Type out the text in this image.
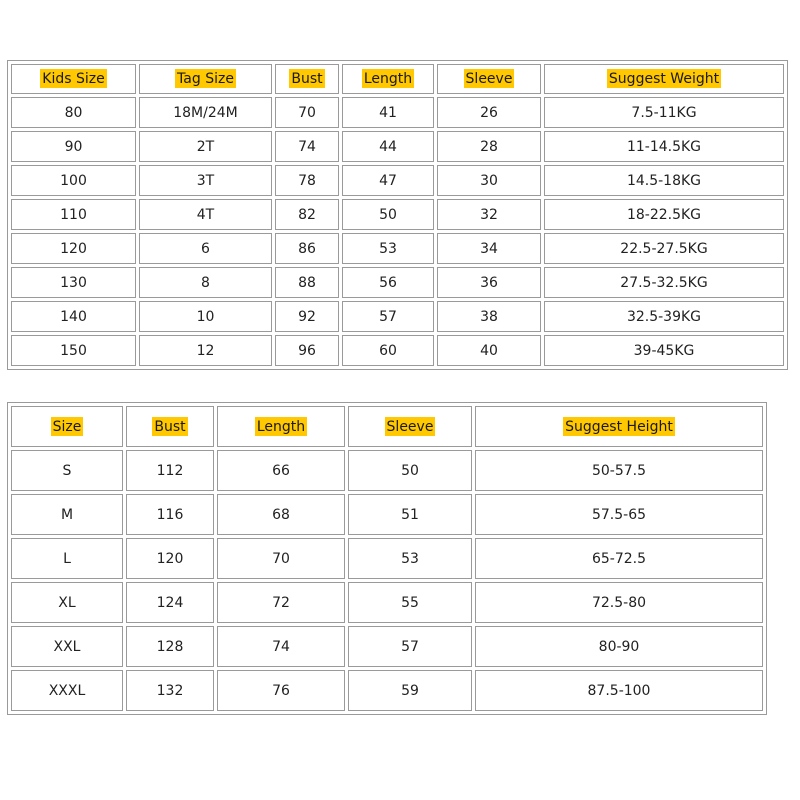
Kids Size	Tag Size	Bust	Length	Sleeve	Suggest Weight
80	18M/24M	70	41	26	7.5-11KG
90	2T	74	44	28	11-14.5KG
100	3T	78	47	30	14.5-18KG
110	4T	82	50	32	18-22.5KG
120	6	86	53	34	22.5-27.5KG
130	8	88	56	36	27.5-32.5KG
140	10	92	57	38	32.5-39KG
150	12	96	60	40	39-45KG
Size	Bust	Length	Sleeve	Suggest Height
S	112	66	50	50-57.5
M	116	68	51	57.5-65
L	120	70	53	65-72.5
XL	124	72	55	72.5-80
XXL	128	74	57	80-90
XXXL	132	76	59	87.5-100
